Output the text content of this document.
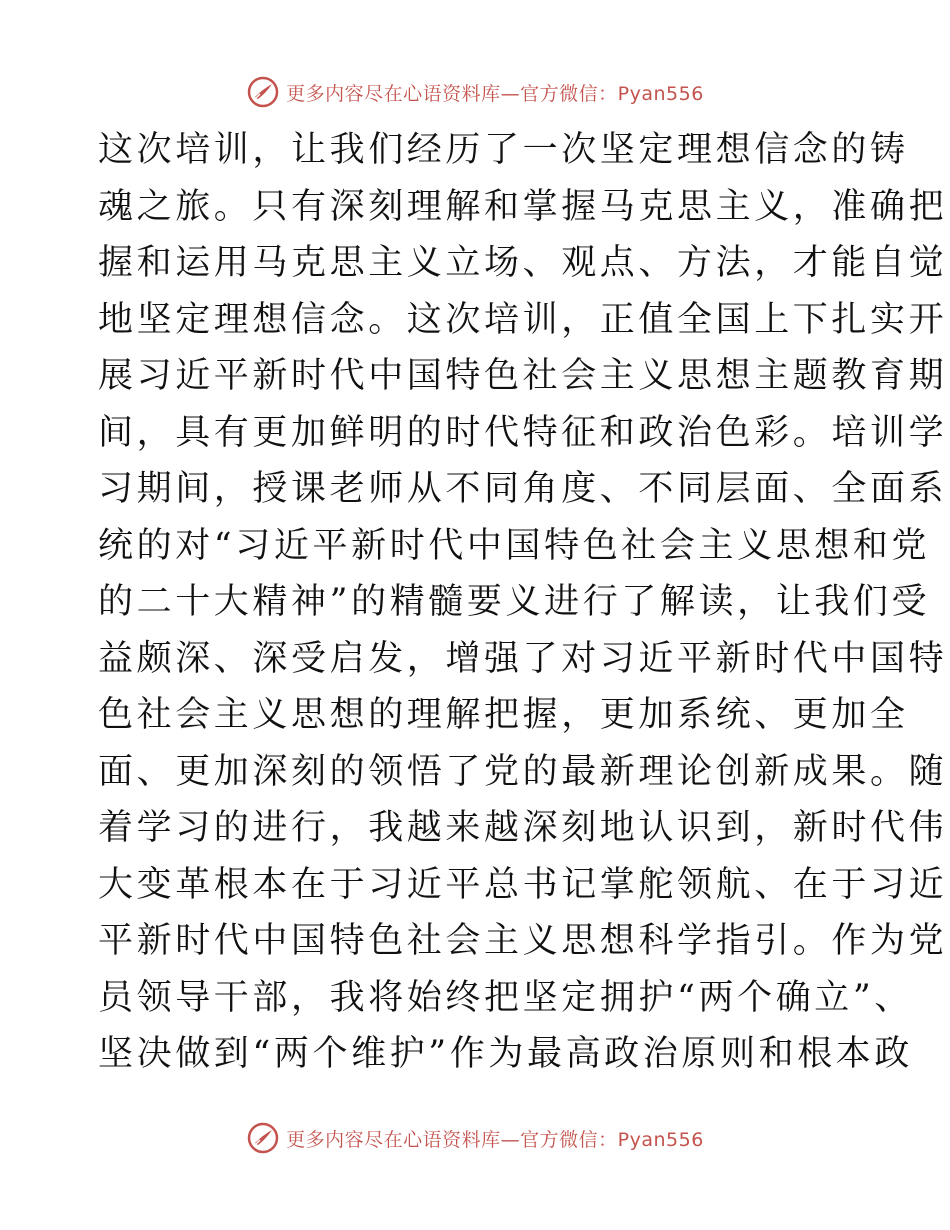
更多内容尽在心语资料库—官方微信：Pyan556
这次培训，让我们经历了一次坚定理想信念的铸
魂之旅。只有深刻理解和掌握马克思主义，准确把
握和运用马克思主义立场、观点、方法，才能自觉
地坚定理想信念。这次培训，正值全国上下扎实开
展习近平新时代中国特色社会主义思想主题教育期
间，具有更加鲜明的时代特征和政治色彩。培训学
习期间，授课老师从不同角度、不同层面、全面系
统的对“习近平新时代中国特色社会主义思想和党
的二十大精神”的精髓要义进行了解读，让我们受
益颇深、深受启发，增强了对习近平新时代中国特
色社会主义思想的理解把握，更加系统、更加全
面、更加深刻的领悟了党的最新理论创新成果。随
着学习的进行，我越来越深刻地认识到，新时代伟
大变革根本在于习近平总书记掌舵领航、在于习近
平新时代中国特色社会主义思想科学指引。作为党
员领导干部，我将始终把坚定拥护“两个确立”、
坚决做到“两个维护”作为最高政治原则和根本政
更多内容尽在心语资料库—官方微信：Pyan556
